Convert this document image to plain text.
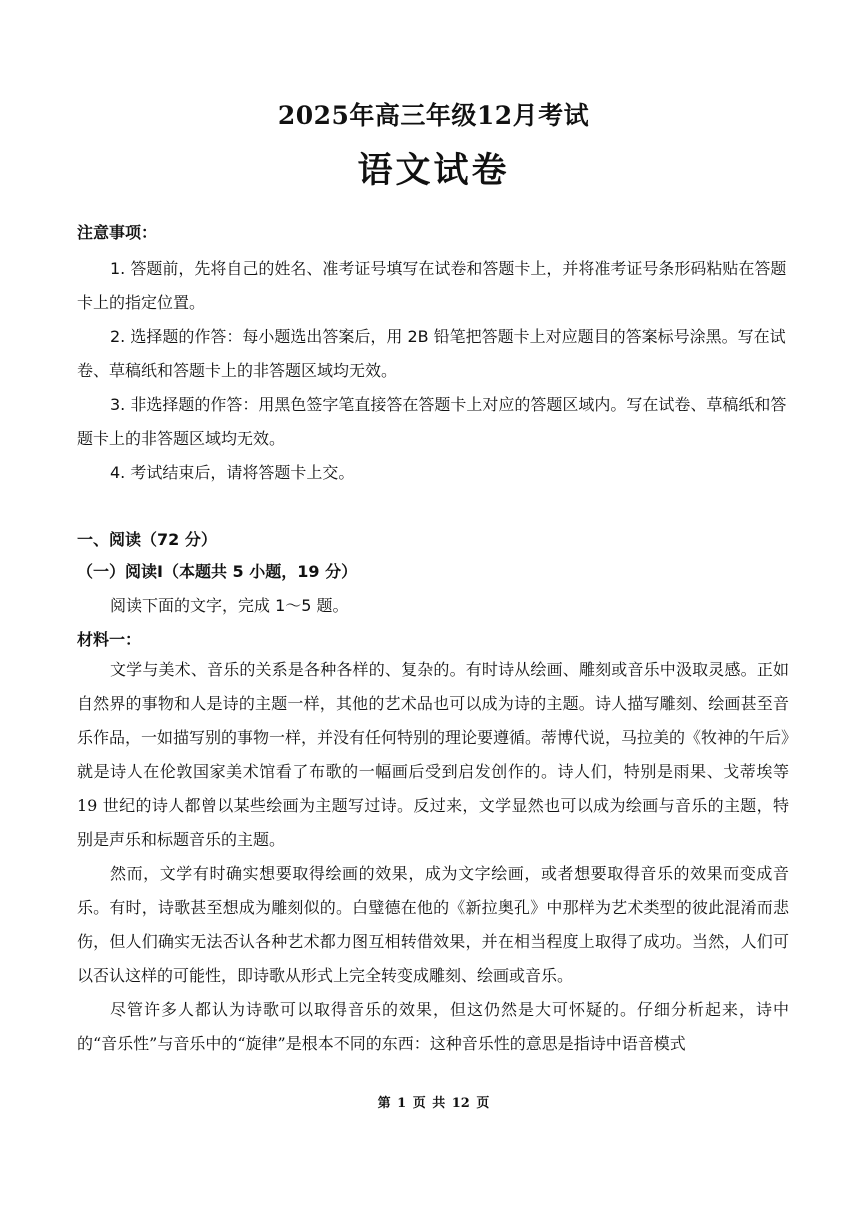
2025年高三年级12月考试
语文试卷
注意事项：

1. 答题前，先将自己的姓名、准考证号填写在试卷和答题卡上，并将准考证号条形码粘贴在答题卡上的指定位置。

2. 选择题的作答：每小题选出答案后，用 2B 铅笔把答题卡上对应题目的答案标号涂黑。写在试卷、草稿纸和答题卡上的非答题区域均无效。

3. 非选择题的作答：用黑色签字笔直接答在答题卡上对应的答题区域内。写在试卷、草稿纸和答题卡上的非答题区域均无效。

4. 考试结束后，请将答题卡上交。

一、阅读（72 分）
（一）阅读I（本题共 5 小题，19 分）
阅读下面的文字，完成 1～5 题。
材料一：

文学与美术、音乐的关系是各种各样的、复杂的。有时诗从绘画、雕刻或音乐中汲取灵感。正如自然界的事物和人是诗的主题一样，其他的艺术品也可以成为诗的主题。诗人描写雕刻、绘画甚至音乐作品，一如描写别的事物一样，并没有任何特别的理论要遵循。蒂博代说，马拉美的《牧神的午后》就是诗人在伦敦国家美术馆看了布歌的一幅画后受到启发创作的。诗人们，特别是雨果、戈蒂埃等 19 世纪的诗人都曾以某些绘画为主题写过诗。反过来，文学显然也可以成为绘画与音乐的主题，特别是声乐和标题音乐的主题。

然而，文学有时确实想要取得绘画的效果，成为文字绘画，或者想要取得音乐的效果而变成音乐。有时，诗歌甚至想成为雕刻似的。白璧德在他的《新拉奥孔》中那样为艺术类型的彼此混淆而悲伤，但人们确实无法否认各种艺术都力图互相转借效果，并在相当程度上取得了成功。当然，人们可以否认这样的可能性，即诗歌从形式上完全转变成雕刻、绘画或音乐。

尽管许多人都认为诗歌可以取得音乐的效果，但这仍然是大可怀疑的。仔细分析起来，诗中的“音乐性”与音乐中的“旋律”是根本不同的东西：这种音乐性的意思是指诗中语音模式

第 1 页 共 12 页
